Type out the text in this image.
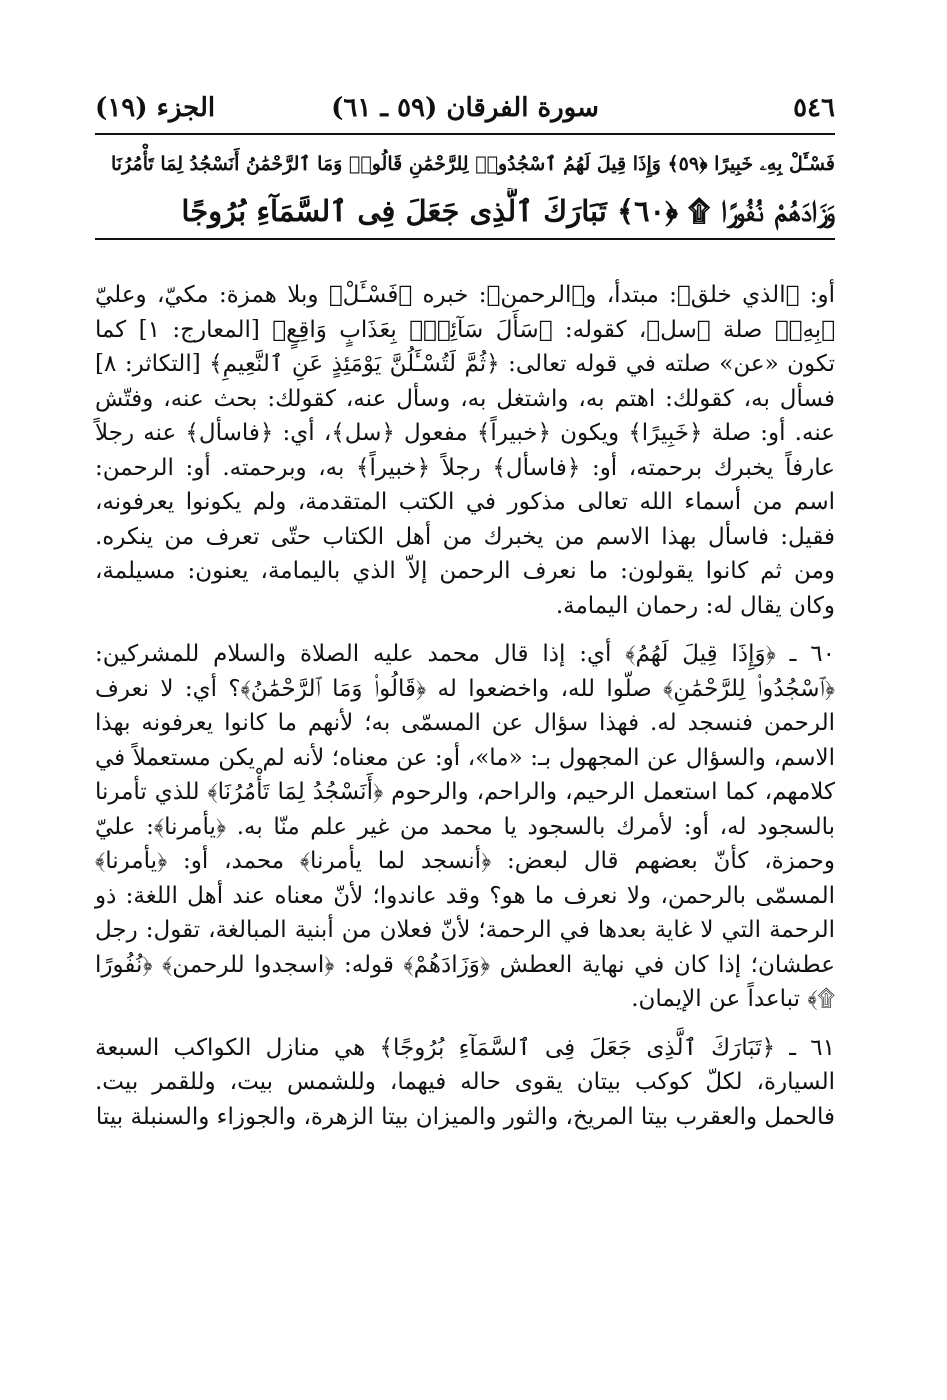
٥٤٦
سورة الفرقان (٥٩ ـ ٦١)
الجزء (١٩)
فَسْـَٔلْ بِهِۦ خَبِيرًا ﴿٥٩﴾ وَإِذَا قِيلَ لَهُمُ ٱسْجُدُوا۟ لِلرَّحْمَٰنِ قَالُوا۟ وَمَا ٱلرَّحْمَٰنُ أَنَسْجُدُ لِمَا تَأْمُرُنَا
وَزَادَهُمْ نُفُورًا ۩ ﴿٦٠﴾ تَبَارَكَ ٱلَّذِى جَعَلَ فِى ٱلسَّمَآءِ بُرُوجًا

أو: ﴿الذي خلق﴾: مبتدأ، و﴿الرحمن﴾: خبره ﴿فَسْـَٔلْ﴾ وبلا همزة: مكيّ، وعليّ ﴿بِهِۦ﴾ صلة ﴿سل﴾، كقوله: ﴿سَأَلَ سَآئِلٌۢ بِعَذَابٍ وَاقِعٍ﴾ [المعارج: ١] كما تكون «عن» صلته في قوله تعالى: ﴿ثُمَّ لَتُسْـَٔلُنَّ يَوْمَئِذٍ عَنِ ٱلنَّعِيمِ﴾ [التكاثر: ٨] فسأل به، كقولك: اهتم به، واشتغل به، وسأل عنه، كقولك: بحث عنه، وفتّش عنه. أو: صلة ﴿خَبِيرًا﴾ ويكون ﴿خبيراً﴾ مفعول ﴿سل﴾، أي: ﴿فاسأل﴾ عنه رجلاً عارفاً يخبرك برحمته، أو: ﴿فاسأل﴾ رجلاً ﴿خبيراً﴾ به، وبرحمته. أو: الرحمن: اسم من أسماء الله تعالى مذكور في الكتب المتقدمة، ولم يكونوا يعرفونه، فقيل: فاسأل بهذا الاسم من يخبرك من أهل الكتاب حتّى تعرف من ينكره. ومن ثم كانوا يقولون: ما نعرف الرحمن إلاّ الذي باليمامة، يعنون: مسيلمة، وكان يقال له: رحمان اليمامة.

٦٠ ـ ﴿وَإِذَا قِيلَ لَهُمُ﴾ أي: إذا قال محمد عليه الصلاة والسلام للمشركين: ﴿ٱسْجُدُوا۟ لِلرَّحْمَٰنِ﴾ صلّوا لله، واخضعوا له ﴿قَالُوا۟ وَمَا ٱلرَّحْمَٰنُ﴾؟ أي: لا نعرف الرحمن فنسجد له. فهذا سؤال عن المسمّى به؛ لأنهم ما كانوا يعرفونه بهذا الاسم، والسؤال عن المجهول بـ: «ما»، أو: عن معناه؛ لأنه لم يكن مستعملاً في كلامهم، كما استعمل الرحيم، والراحم، والرحوم ﴿أَنَسْجُدُ لِمَا تَأْمُرُنَا﴾ للذي تأمرنا بالسجود له، أو: لأمرك بالسجود يا محمد من غير علم منّا به. ﴿يأمرنا﴾: عليّ وحمزة، كأنّ بعضهم قال لبعض: ﴿أنسجد لما يأمرنا﴾ محمد، أو: ﴿يأمرنا﴾ المسمّى بالرحمن، ولا نعرف ما هو؟ وقد عاندوا؛ لأنّ معناه عند أهل اللغة: ذو الرحمة التي لا غاية بعدها في الرحمة؛ لأنّ فعلان من أبنية المبالغة، تقول: رجل عطشان؛ إذا كان في نهاية العطش ﴿وَزَادَهُمْ﴾ قوله: ﴿اسجدوا للرحمن﴾ ﴿نُفُورًا ۩﴾ تباعداً عن الإيمان.

٦١ ـ ﴿تَبَارَكَ ٱلَّذِى جَعَلَ فِى ٱلسَّمَآءِ بُرُوجًا﴾ هي منازل الكواكب السبعة السيارة، لكلّ كوكب بيتان يقوى حاله فيهما، وللشمس بيت، وللقمر بيت. فالحمل والعقرب بيتا المريخ، والثور والميزان بيتا الزهرة، والجوزاء والسنبلة بيتا
